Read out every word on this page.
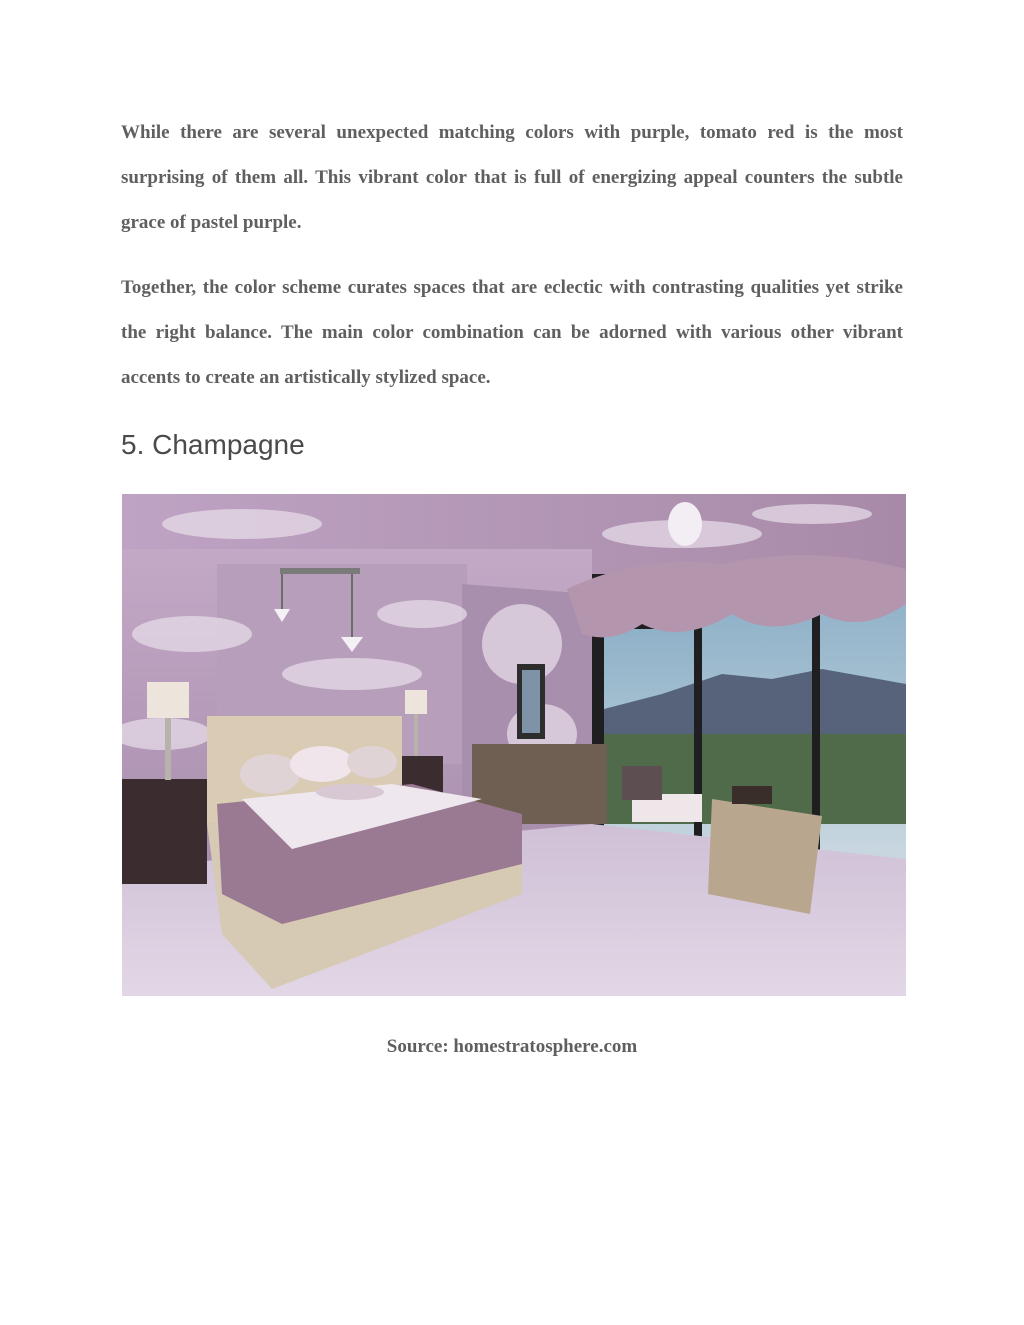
While there are several unexpected matching colors with purple, tomato red is the most surprising of them all. This vibrant color that is full of energizing appeal counters the subtle grace of pastel purple.

Together, the color scheme curates spaces that are eclectic with contrasting qualities yet strike the right balance. The main color combination can be adorned with various other vibrant accents to create an artistically stylized space.

5. Champagne

Source: homestratosphere.com
